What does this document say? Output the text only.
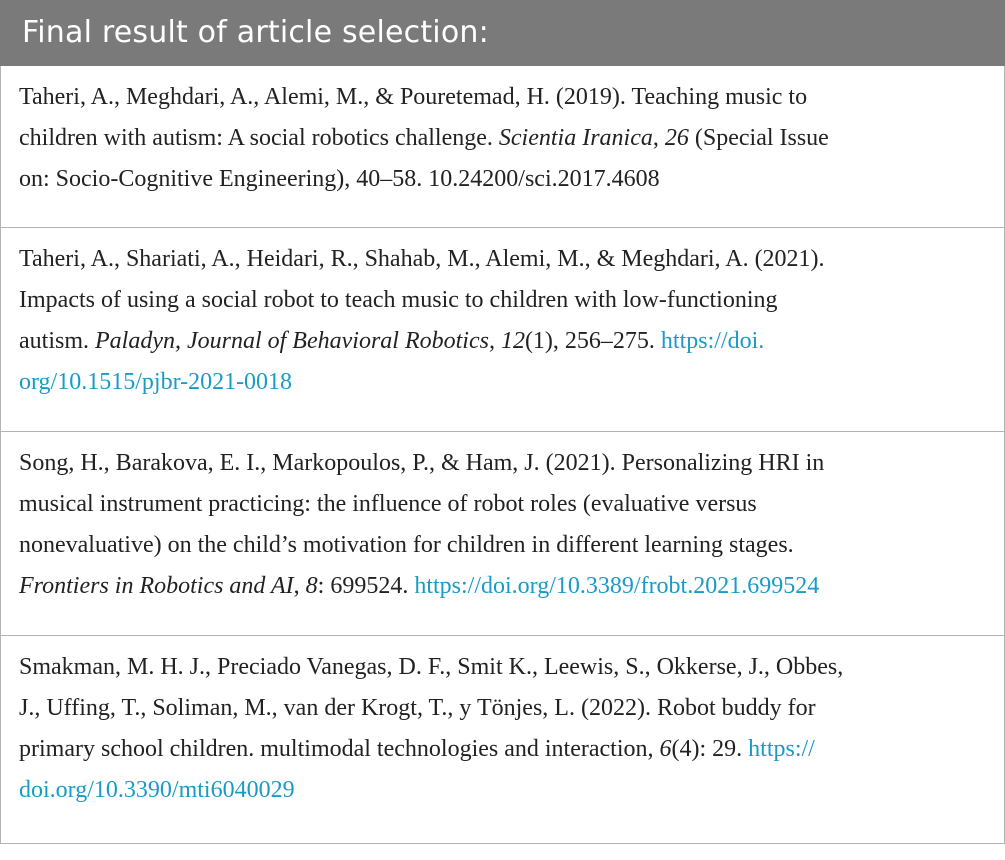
Final result of article selection:

Taheri, A., Meghdari, A., Alemi, M., & Pouretemad, H. (2019). Teaching music to
children with autism: A social robotics challenge. Scientia Iranica, 26 (Special Issue
on: Socio-Cognitive Engineering), 40–58. 10.24200/sci.2017.4608

Taheri, A., Shariati, A., Heidari, R., Shahab, M., Alemi, M., & Meghdari, A. (2021).
Impacts of using a social robot to teach music to children with low-functioning
autism. Paladyn, Journal of Behavioral Robotics, 12(1), 256–275. https://doi.
org/10.1515/pjbr-2021-0018

Song, H., Barakova, E. I., Markopoulos, P., & Ham, J. (2021). Personalizing HRI in
musical instrument practicing: the influence of robot roles (evaluative versus
nonevaluative) on the child’s motivation for children in different learning stages.
Frontiers in Robotics and AI, 8: 699524. https://doi.org/10.3389/frobt.2021.699524

Smakman, M. H. J., Preciado Vanegas, D. F., Smit K., Leewis, S., Okkerse, J., Obbes,
J., Uffing, T., Soliman, M., van der Krogt, T., y Tönjes, L. (2022). Robot buddy for
primary school children. multimodal technologies and interaction, 6(4): 29. https://
doi.org/10.3390/mti6040029
